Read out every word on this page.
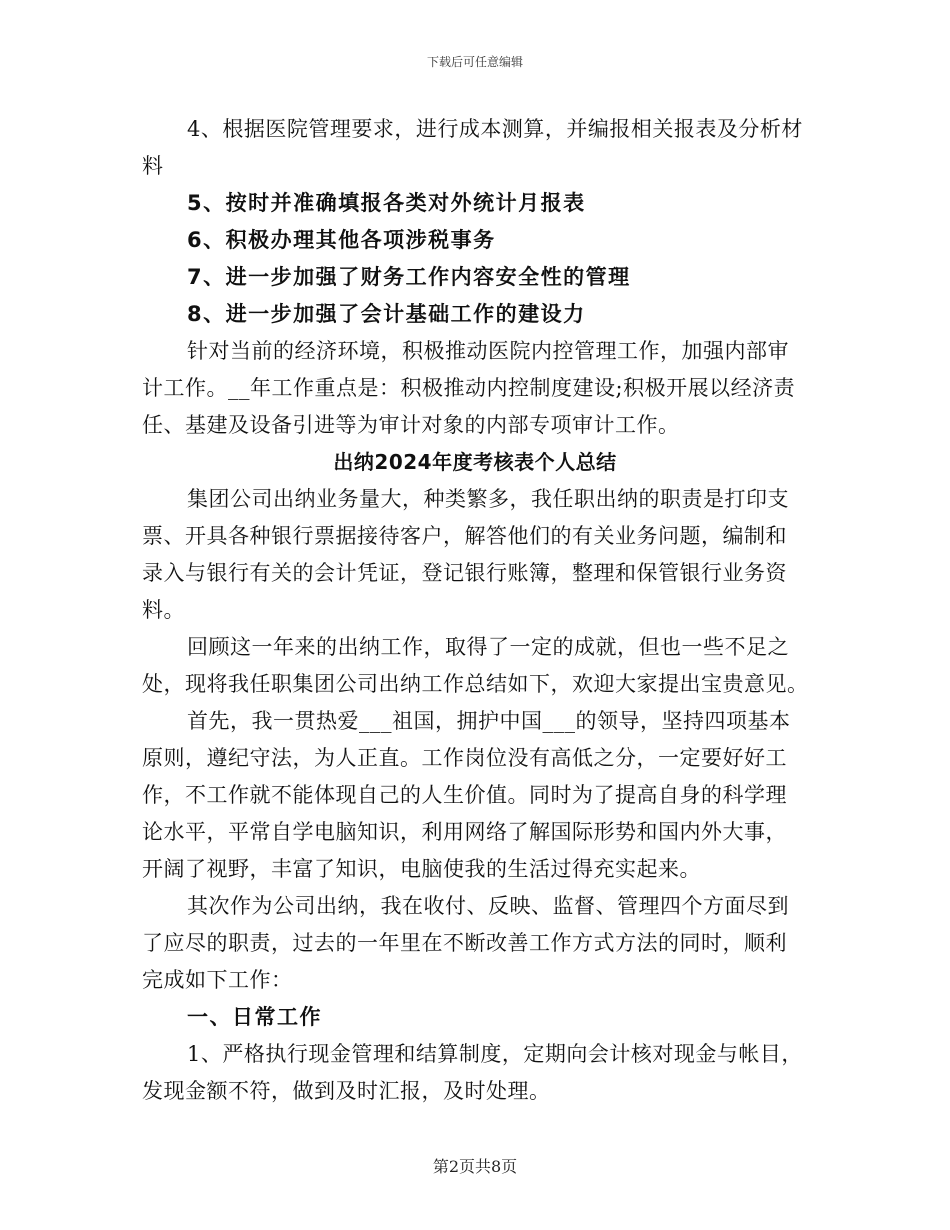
下载后可任意编辑
4、根据医院管理要求，进行成本测算，并编报相关报表及分析材
料
5、按时并准确填报各类对外统计月报表
6、积极办理其他各项涉税事务
7、进一步加强了财务工作内容安全性的管理
8、进一步加强了会计基础工作的建设力
针对当前的经济环境，积极推动医院内控管理工作，加强内部审
计工作。__年工作重点是：积极推动内控制度建设;积极开展以经济责
任、基建及设备引进等为审计对象的内部专项审计工作。
出纳2024年度考核表个人总结
集团公司出纳业务量大，种类繁多，我任职出纳的职责是打印支
票、开具各种银行票据接待客户，解答他们的有关业务问题，编制和
录入与银行有关的会计凭证，登记银行账簿，整理和保管银行业务资
料。
回顾这一年来的出纳工作，取得了一定的成就，但也一些不足之
处，现将我任职集团公司出纳工作总结如下，欢迎大家提出宝贵意见。
首先，我一贯热爱___祖国，拥护中国___的领导，坚持四项基本
原则，遵纪守法，为人正直。工作岗位没有高低之分，一定要好好工
作，不工作就不能体现自己的人生价值。同时为了提高自身的科学理
论水平，平常自学电脑知识，利用网络了解国际形势和国内外大事，
开阔了视野，丰富了知识，电脑使我的生活过得充实起来。
其次作为公司出纳，我在收付、反映、监督、管理四个方面尽到
了应尽的职责，过去的一年里在不断改善工作方式方法的同时，顺利
完成如下工作：
一、日常工作
1、严格执行现金管理和结算制度，定期向会计核对现金与帐目，
发现金额不符，做到及时汇报，及时处理。
第2页共8页
